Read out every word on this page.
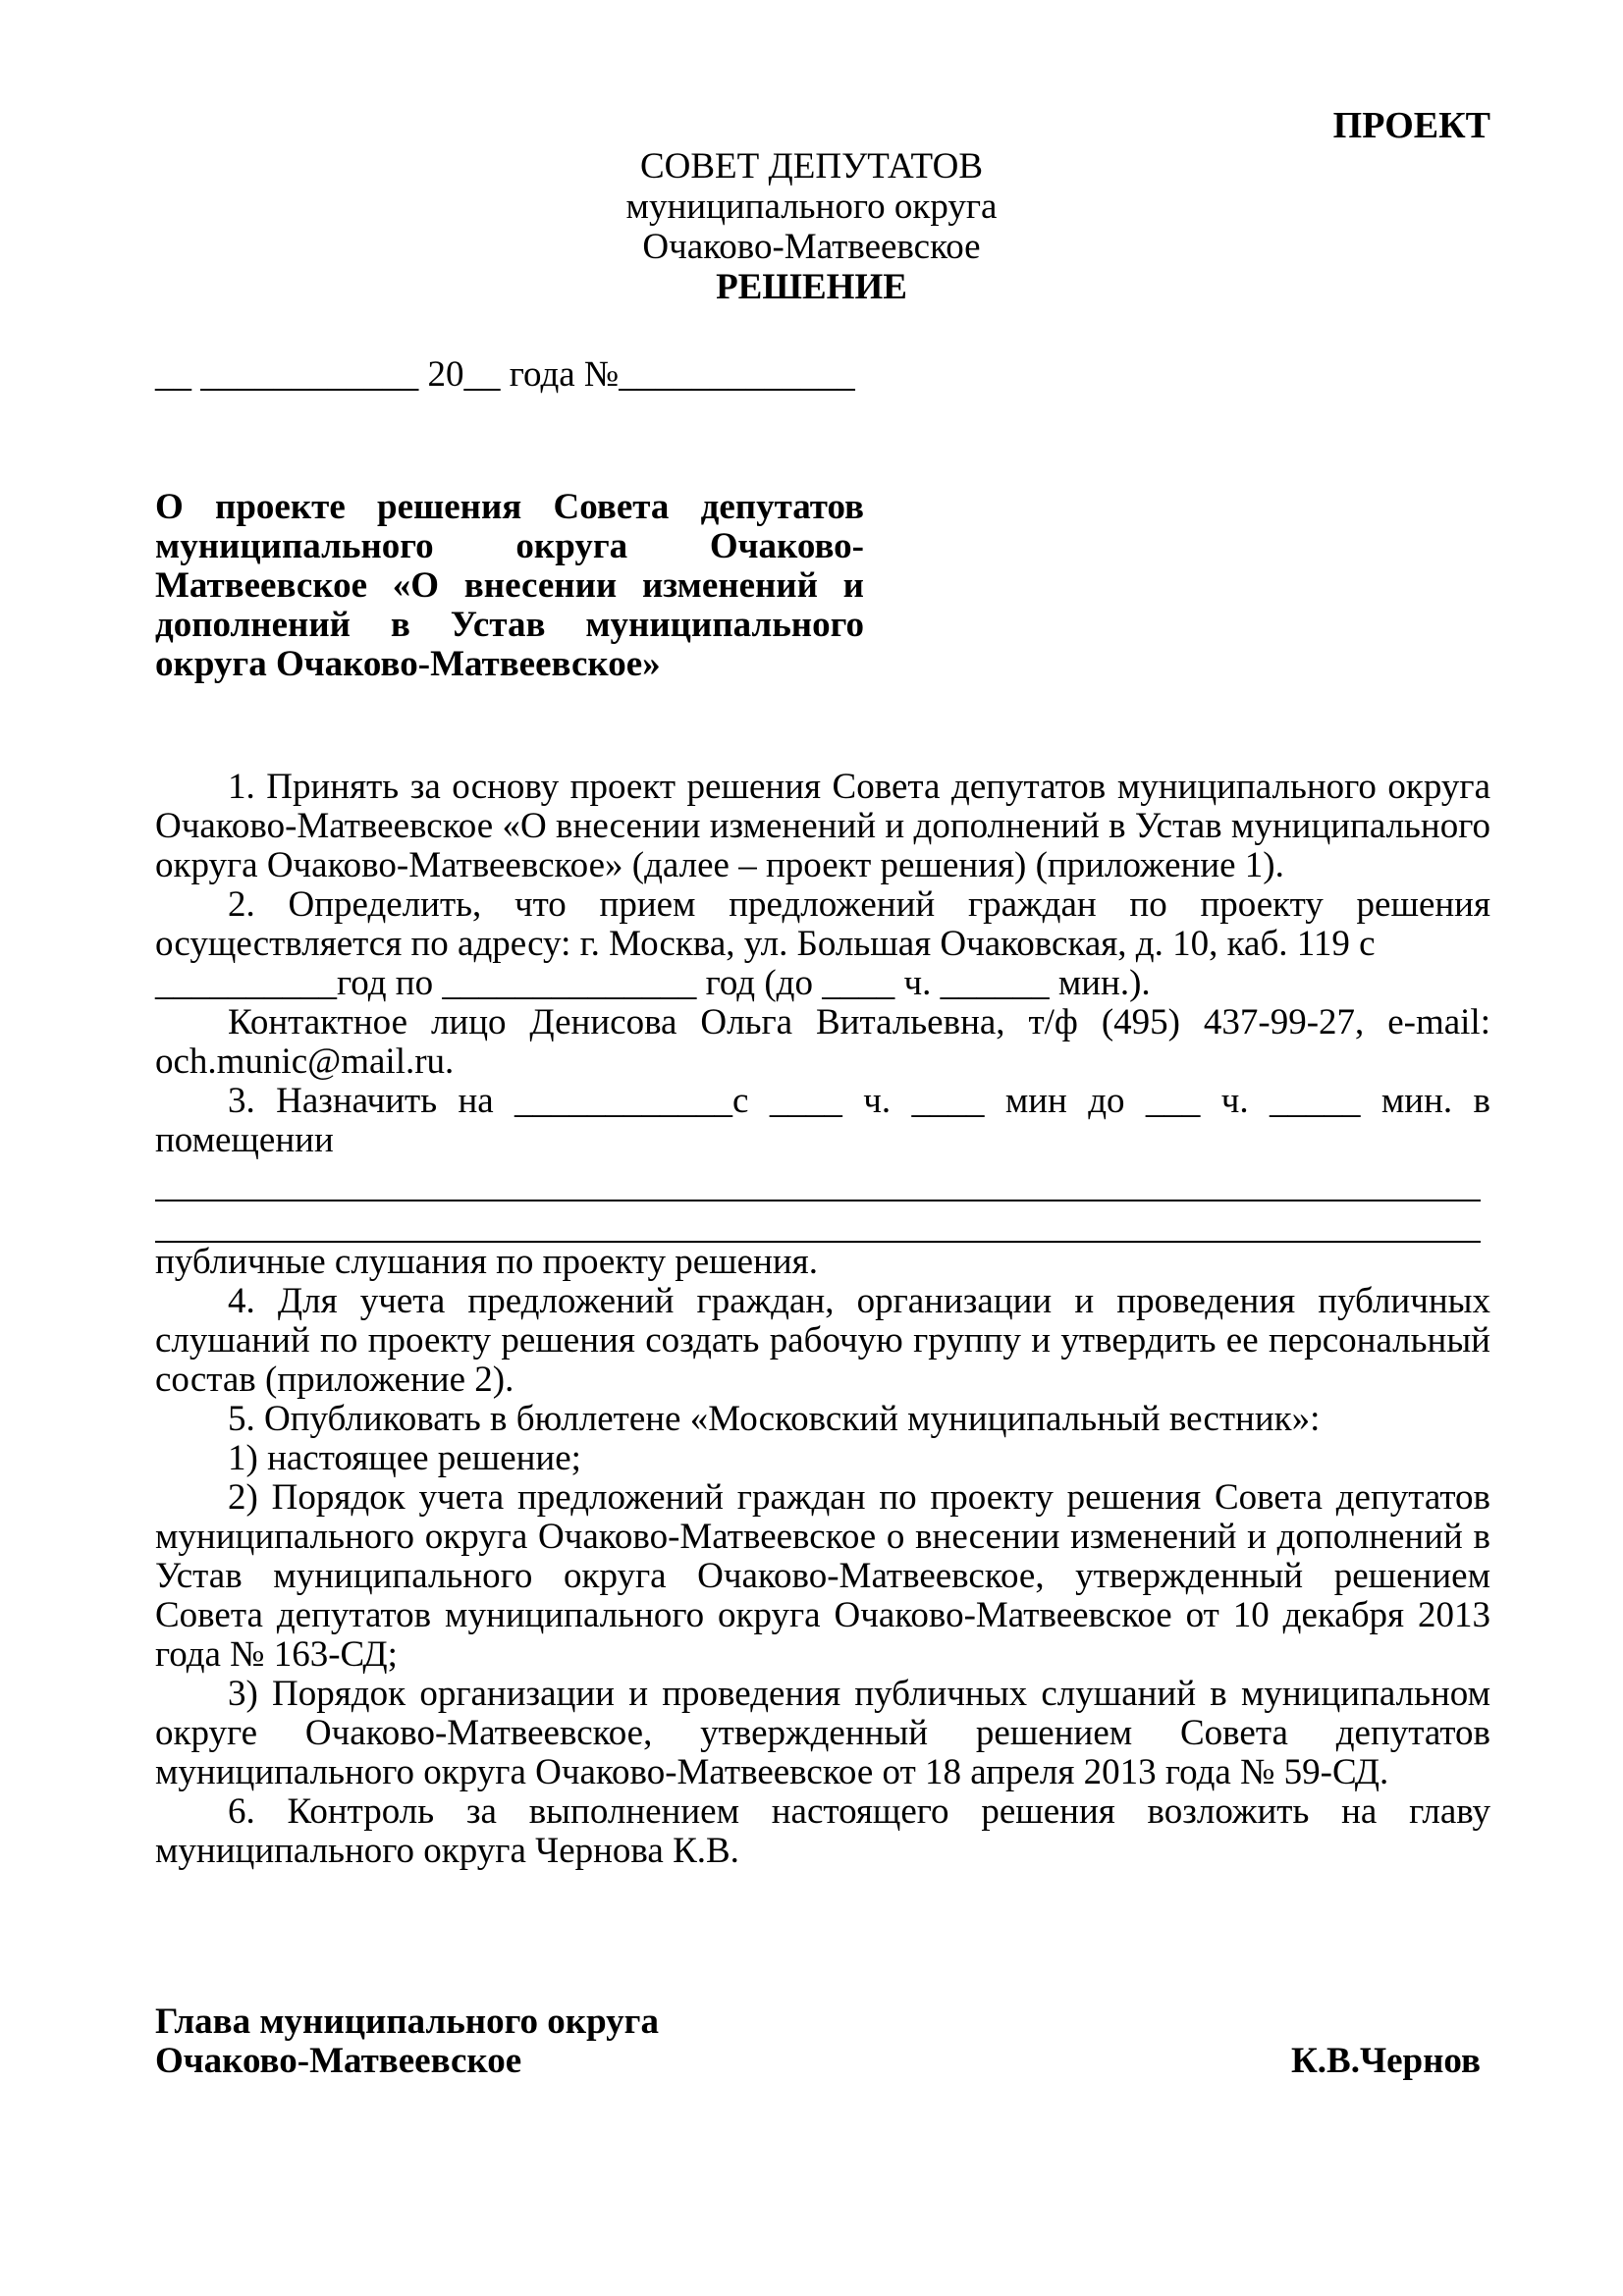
ПРОЕКТ
СОВЕТ ДЕПУТАТОВ
муниципального округа
Очаково-Матвеевское
РЕШЕНИЕ
__ ____________ 20__ года №_____________
О проекте решения Совета депутатов муниципального округа Очаково-Матвеевское «О внесении изменений и дополнений в Устав муниципального округа Очаково-Матвеевское»

1. Принять за основу проект решения Совета депутатов муниципального округа Очаково-Матвеевское «О внесении изменений и дополнений в Устав муниципального округа Очаково-Матвеевское» (далее – проект решения) (приложение 1).

2. Определить, что прием предложений граждан по проекту решения осуществляется по адресу: г. Москва, ул. Большая Очаковская, д. 10, каб. 119 с

__________год по ______________ год (до ____ ч. ______ мин.).

Контактное лицо Денисова Ольга Витальевна, т/ф (495) 437-99-27, e-mail: och.munic@mail.ru.

3. Назначить на ____________с ____ ч. ____ мин до ___ ч. _____ мин. в помещении

публичные слушания по проекту решения.

4. Для учета предложений граждан, организации и проведения публичных слушаний по проекту решения создать рабочую группу и утвердить ее персональный состав (приложение 2).

5. Опубликовать в бюллетене «Московский муниципальный вестник»:

1) настоящее решение;

2) Порядок учета предложений граждан по проекту решения Совета депутатов муниципального округа Очаково-Матвеевское о внесении изменений и дополнений в Устав муниципального округа Очаково-Матвеевское, утвержденный решением Совета депутатов муниципального округа Очаково-Матвеевское от 10 декабря 2013 года № 163-СД;

3) Порядок организации и проведения публичных слушаний в муниципальном округе Очаково-Матвеевское, утвержденный решением Совета депутатов муниципального округа Очаково-Матвеевское от 18 апреля 2013 года № 59-СД.

6. Контроль за выполнением настоящего решения возложить на главу муниципального округа Чернова К.В.

Глава муниципального округа
Очаково-Матвеевское	К.В.Чернов
